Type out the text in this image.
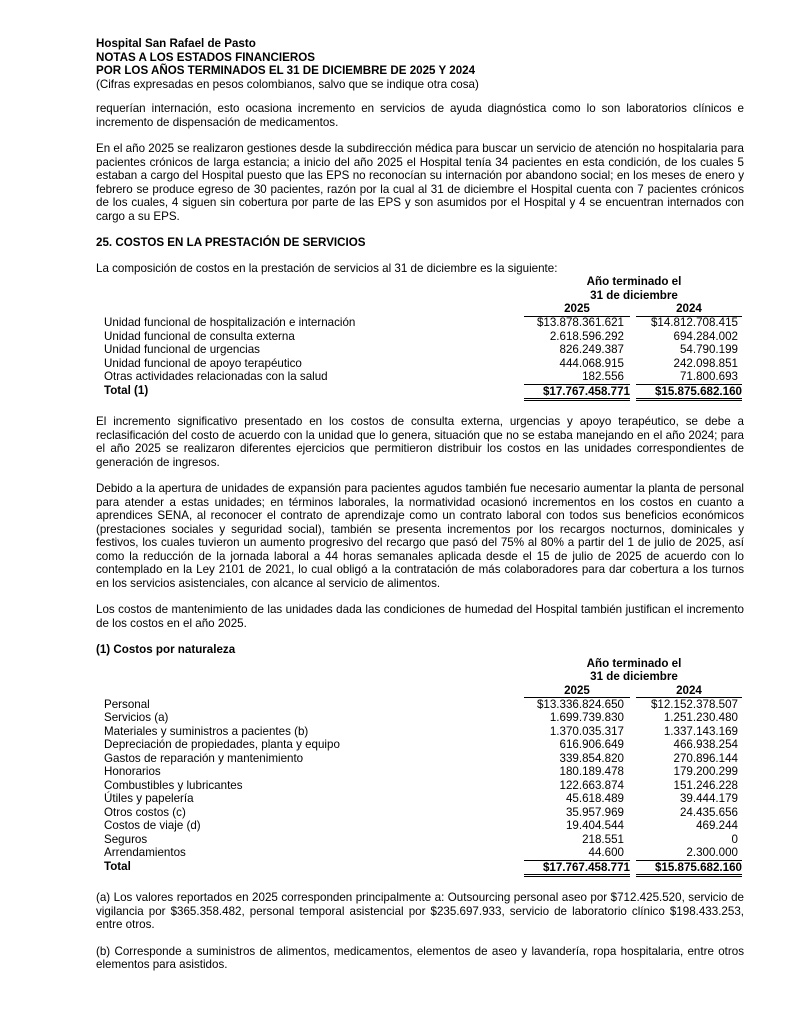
Hospital San Rafael de Pasto
NOTAS A LOS ESTADOS FINANCIEROS
POR LOS AÑOS TERMINADOS EL 31 DE DICIEMBRE DE 2025 Y 2024
(Cifras expresadas en pesos colombianos, salvo que se indique otra cosa)

requerían internación, esto ocasiona incremento en servicios de ayuda diagnóstica como lo son laboratorios clínicos e incremento de dispensación de medicamentos.

En el año 2025 se realizaron gestiones desde la subdirección médica para buscar un servicio de atención no hospitalaria para pacientes crónicos de larga estancia; a inicio del año 2025 el Hospital tenía 34 pacientes en esta condición, de los cuales 5 estaban a cargo del Hospital puesto que las EPS no reconocían su internación por abandono social; en los meses de enero y febrero se produce egreso de 30 pacientes, razón por la cual al 31 de diciembre el Hospital cuenta con 7 pacientes crónicos de los cuales, 4 siguen sin cobertura por parte de las EPS y son asumidos por el Hospital y 4 se encuentran internados con cargo a su EPS.

25. COSTOS EN LA PRESTACIÓN DE SERVICIOS

La composición de costos en la prestación de servicios al 31 de diciembre es la siguiente:

Año terminado el
31 de diciembre
2025	2024
Unidad funcional de hospitalización e internación	$13.878.361.621	$14.812.708.415
Unidad funcional de consulta externa	2.618.596.292	694.284.002
Unidad funcional de urgencias	826.249.387	54.790.199
Unidad funcional de apoyo terapéutico	444.068.915	242.098.851
Otras actividades relacionadas con la salud	182.556	71.800.693
Total (1)	$17.767.458.771	$15.875.682.160

El incremento significativo presentado en los costos de consulta externa, urgencias y apoyo terapéutico, se debe a reclasificación del costo de acuerdo con la unidad que lo genera, situación que no se estaba manejando en el año 2024; para el año 2025 se realizaron diferentes ejercicios que permitieron distribuir los costos en las unidades correspondientes de generación de ingresos.

Debido a la apertura de unidades de expansión para pacientes agudos también fue necesario aumentar la planta de personal para atender a estas unidades; en términos laborales, la normatividad ocasionó incrementos en los costos en cuanto a aprendices SENA, al reconocer el contrato de aprendizaje como un contrato laboral con todos sus beneficios económicos (prestaciones sociales y seguridad social), también se presenta incrementos por los recargos nocturnos, dominicales y festivos, los cuales tuvieron un aumento progresivo del recargo que pasó del 75% al 80% a partir del 1 de julio de 2025, así como la reducción de la jornada laboral a 44 horas semanales aplicada desde el 15 de julio de 2025 de acuerdo con lo contemplado en la Ley 2101 de 2021, lo cual obligó a la contratación de más colaboradores para dar cobertura a los turnos en los servicios asistenciales, con alcance al servicio de alimentos.

Los costos de mantenimiento de las unidades dada las condiciones de humedad del Hospital también justifican el incremento de los costos en el año 2025.

(1) Costos por naturaleza
Año terminado el
31 de diciembre
2025	2024
Personal	$13.336.824.650	$12.152.378.507
Servicios (a)	1.699.739.830	1.251.230.480
Materiales y suministros a pacientes (b)	1.370.035.317	1.337.143.169
Depreciación de propiedades, planta y equipo	616.906.649	466.938.254
Gastos de reparación y mantenimiento	339.854.820	270.896.144
Honorarios	180.189.478	179.200.299
Combustibles y lubricantes	122.663.874	151.246.228
Útiles y papelería	45.618.489	39.444.179
Otros costos (c)	35.957.969	24.435.656
Costos de viaje (d)	19.404.544	469.244
Seguros	218.551	0
Arrendamientos	44.600	2.300.000
Total	$17.767.458.771	$15.875.682.160

(a) Los valores reportados en 2025 corresponden principalmente a: Outsourcing personal aseo por $712.425.520, servicio de vigilancia por $365.358.482, personal temporal asistencial por $235.697.933, servicio de laboratorio clínico $198.433.253, entre otros.

(b) Corresponde a suministros de alimentos, medicamentos, elementos de aseo y lavandería, ropa hospitalaria, entre otros elementos para asistidos.
